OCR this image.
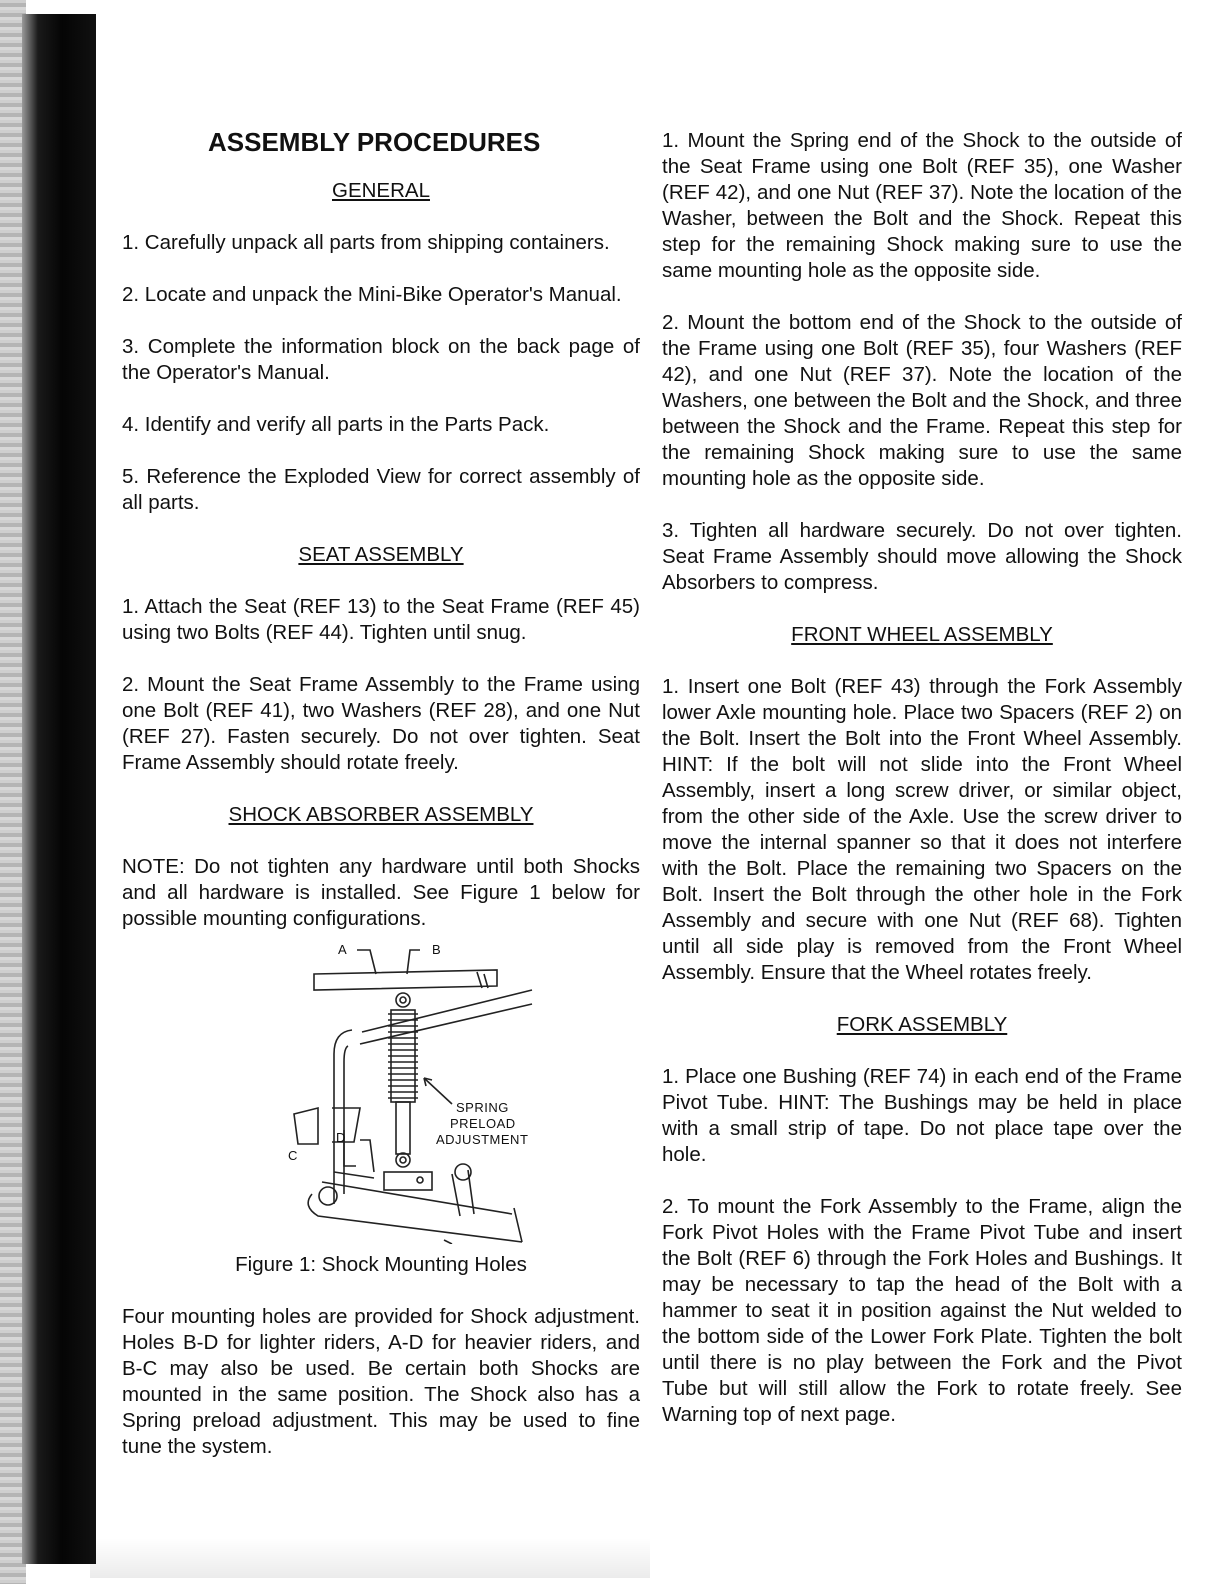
ASSEMBLY PROCEDURES
GENERAL

1. Carefully unpack all parts from shipping containers.

2. Locate and unpack the Mini-Bike Operator's Manual.

3. Complete the information block on the back page of the Operator's Manual.

4. Identify and verify all parts in the Parts Pack.

5. Reference the Exploded View for correct assembly of all parts.

SEAT ASSEMBLY

1. Attach the Seat (REF 13) to the Seat Frame (REF 45) using two Bolts (REF 44). Tighten until snug.

2. Mount the Seat Frame Assembly to the Frame using one Bolt (REF 41), two Washers (REF 28), and one Nut (REF 27). Fasten securely. Do not over tighten. Seat Frame Assembly should rotate freely.

SHOCK ABSORBER ASSEMBLY

NOTE: Do not tighten any hardware until both Shocks and all hardware is installed. See Figure 1 below for possible mounting configurations.

A	B
C
D
SPRING
PRELOAD
ADJUSTMENT
Figure 1: Shock Mounting Holes

Four mounting holes are provided for Shock adjustment. Holes B-D for lighter riders, A-D for heavier riders, and B-C may also be used. Be certain both Shocks are mounted in the same position. The Shock also has a Spring preload adjustment. This may be used to fine tune the system.

1. Mount the Spring end of the Shock to the outside of the Seat Frame using one Bolt (REF 35), one Washer (REF 42), and one Nut (REF 37). Note the location of the Washer, between the Bolt and the Shock. Repeat this step for the remaining Shock making sure to use the same mounting hole as the opposite side.

2. Mount the bottom end of the Shock to the outside of the Frame using one Bolt (REF 35), four Washers (REF 42), and one Nut (REF 37). Note the location of the Washers, one between the Bolt and the Shock, and three between the Shock and the Frame. Repeat this step for the remaining Shock making sure to use the same mounting hole as the opposite side.

3. Tighten all hardware securely. Do not over tighten. Seat Frame Assembly should move allowing the Shock Absorbers to compress.

FRONT WHEEL ASSEMBLY

1. Insert one Bolt (REF 43) through the Fork Assembly lower Axle mounting hole. Place two Spacers (REF 2) on the Bolt. Insert the Bolt into the Front Wheel Assembly. HINT: If the bolt will not slide into the Front Wheel Assembly, insert a long screw driver, or similar object, from the other side of the Axle. Use the screw driver to move the internal spanner so that it does not interfere with the Bolt. Place the remaining two Spacers on the Bolt. Insert the Bolt through the other hole in the Fork Assembly and secure with one Nut (REF 68). Tighten until all side play is removed from the Front Wheel Assembly. Ensure that the Wheel rotates freely.

FORK ASSEMBLY

1. Place one Bushing (REF 74) in each end of the Frame Pivot Tube. HINT: The Bushings may be held in place with a small strip of tape. Do not place tape over the hole.

2. To mount the Fork Assembly to the Frame, align the Fork Pivot Holes with the Frame Pivot Tube and insert the Bolt (REF 6) through the Fork Holes and Bushings. It may be necessary to tap the head of the Bolt with a hammer to seat it in position against the Nut welded to the bottom side of the Lower Fork Plate. Tighten the bolt until there is no play between the Fork and the Pivot Tube but will still allow the Fork to rotate freely. See Warning top of next page.
